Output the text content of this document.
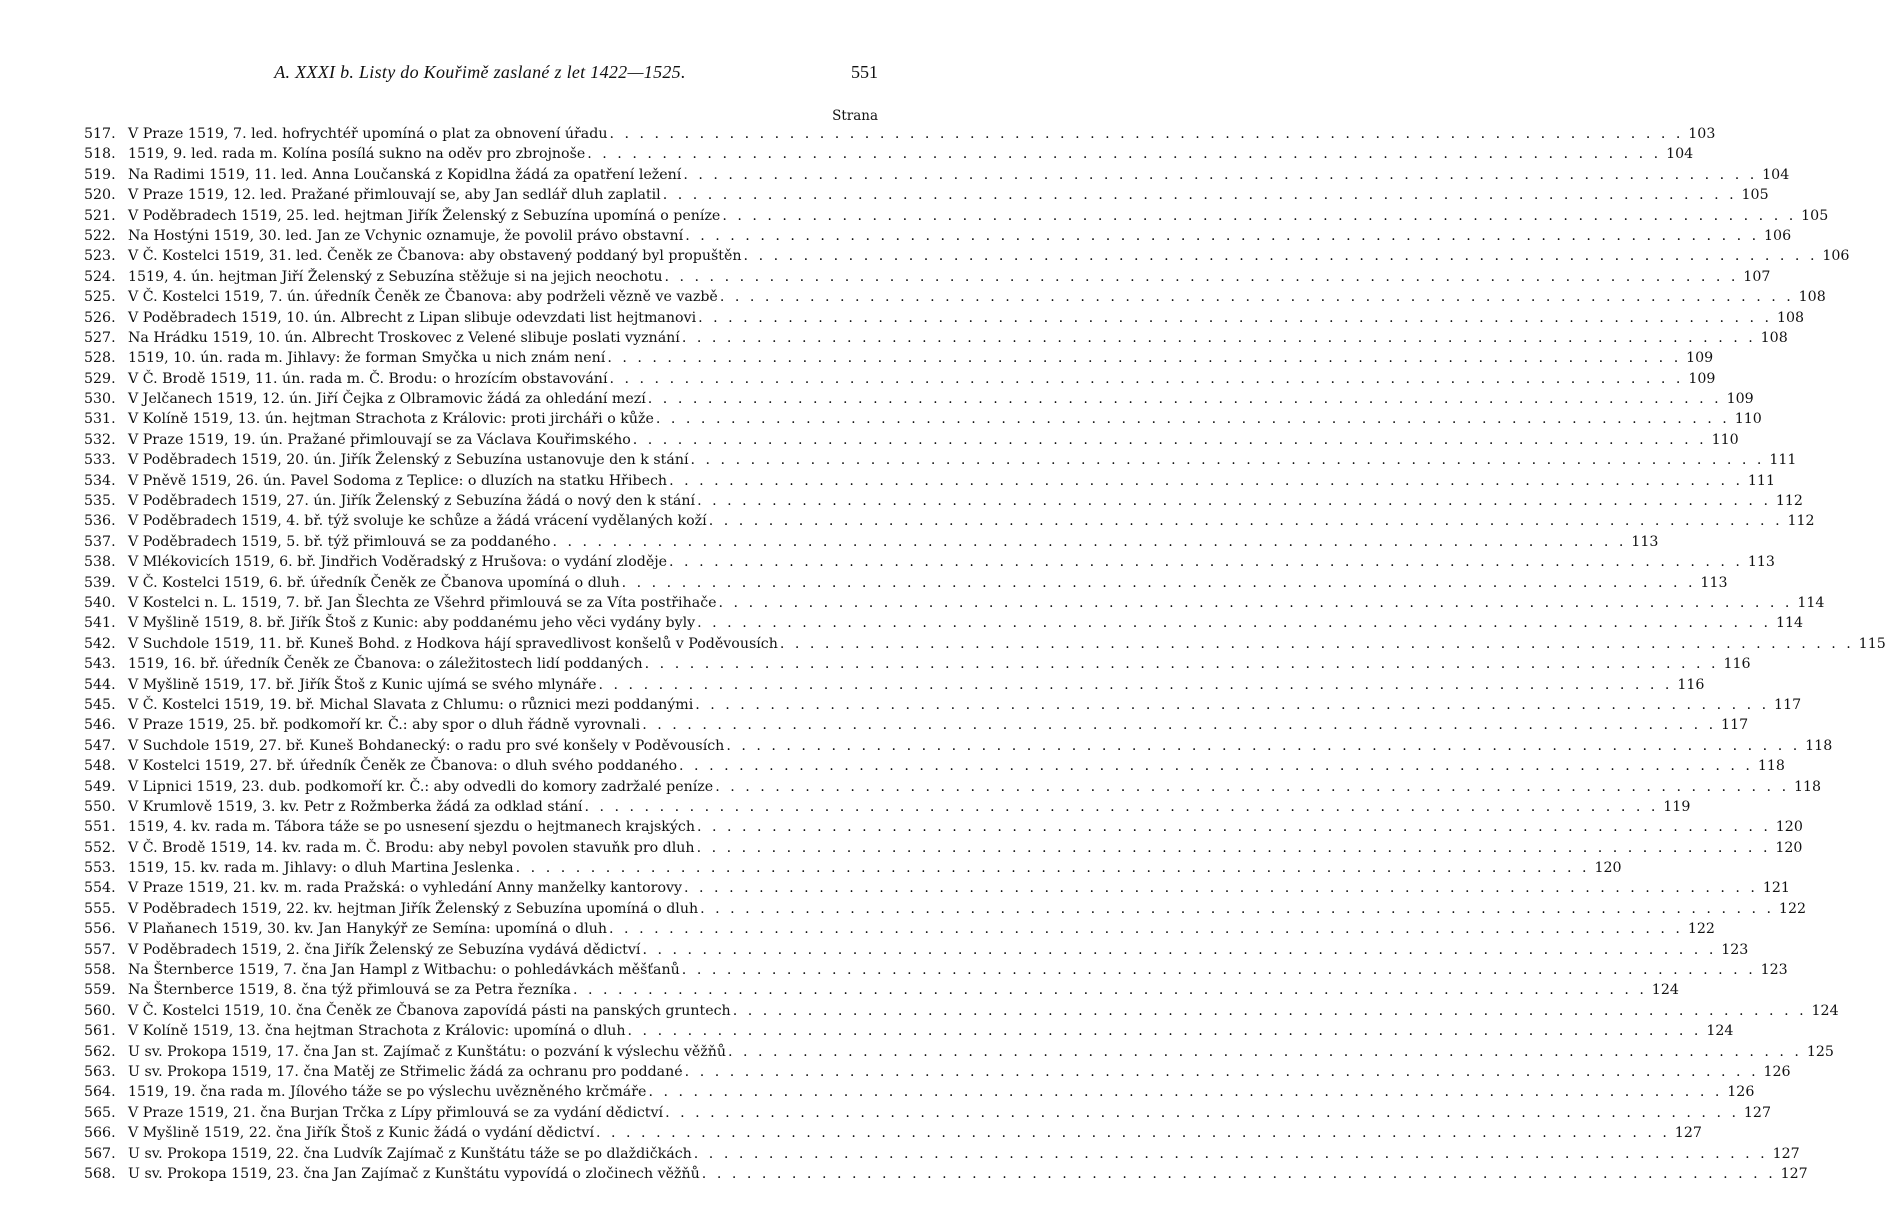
A. XXXI b. Listy do Kouřimě zaslané z let 1422—1525.	551
Strana
517. V Praze 1519, 7. led. hofrychtéř upomíná o plat za obnovení úřadu . . .	103
518. 1519, 9. led. rada m. Kolína posílá sukno na oděv pro zbrojnoše . . .	104
519. Na Radimi 1519, 11. led. Anna Loučanská z Kopidlna žádá za opatření ležení . . .	104
520. V Praze 1519, 12. led. Pražané přimlouvají se, aby Jan sedlář dluh zaplatil . . .	105
521. V Poděbradech 1519, 25. led. hejtman Jiřík Želenský z Sebuzína upomíná o peníze . . .	105
522. Na Hostýni 1519, 30. led. Jan ze Vchynic oznamuje, že povolil právo obstavní . . .	106
523. V Č. Kostelci 1519, 31. led. Čeněk ze Čbanova: aby obstavený poddaný byl propuštěn . . .	106
524. 1519, 4. ún. hejtman Jiří Želenský z Sebuzína stěžuje si na jejich neochotu . . .	107
525. V Č. Kostelci 1519, 7. ún. úředník Čeněk ze Čbanova: aby podrželi vězně ve vazbě . . .	108
526. V Poděbradech 1519, 10. ún. Albrecht z Lipan slibuje odevzdati list hejtmanovi . . .	108
527. Na Hrádku 1519, 10. ún. Albrecht Troskovec z Velené slibuje poslati vyznání . . .	108
528. 1519, 10. ún. rada m. Jihlavy: že forman Smyčka u nich znám není . . .	109
529. V Č. Brodě 1519, 11. ún. rada m. Č. Brodu: o hrozícím obstavování . . .	109
530. V Jelčanech 1519, 12. ún. Jiří Čejka z Olbramovic žádá za ohledání mezí . . .	109
531. V Kolíně 1519, 13. ún. hejtman Strachota z Královic: proti jircháři o kůže . . .	110
532. V Praze 1519, 19. ún. Pražané přimlouvají se za Václava Kouřimského . . .	110
533. V Poděbradech 1519, 20. ún. Jiřík Želenský z Sebuzína ustanovuje den k stání . . .	111
534. V Pněvě 1519, 26. ún. Pavel Sodoma z Teplice: o dluzích na statku Hřibech . . .	111
535. V Poděbradech 1519, 27. ún. Jiřík Želenský z Sebuzína žádá o nový den k stání . . .	112
536. V Poděbradech 1519, 4. bř. týž svoluje ke schůze a žádá vrácení vydělaných koží . . .	112
537. V Poděbradech 1519, 5. bř. týž přimlouvá se za poddaného . . .	113
538. V Mlékovicích 1519, 6. bř. Jindřich Voděradský z Hrušova: o vydání zloděje . . .	113
539. V Č. Kostelci 1519, 6. bř. úředník Čeněk ze Čbanova upomíná o dluh . . .	113
540. V Kostelci n. L. 1519, 7. bř. Jan Šlechta ze Všehrd přimlouvá se za Víta postřihače . . .	114
541. V Myšlině 1519, 8. bř. Jiřík Štoš z Kunic: aby poddanému jeho věci vydány byly . . .	114
542. V Suchdole 1519, 11. bř. Kuneš Bohd. z Hodkova hájí spravedlivost konšelů v Poděvousích . . .	115
543. 1519, 16. bř. úředník Čeněk ze Čbanova: o záležitostech lidí poddaných . . .	116
544. V Myšlině 1519, 17. bř. Jiřík Štoš z Kunic ujímá se svého mlynáře . . .	116
545. V Č. Kostelci 1519, 19. bř. Michal Slavata z Chlumu: o různici mezi poddanými . . .	117
546. V Praze 1519, 25. bř. podkomoří kr. Č.: aby spor o dluh řádně vyrovnali . . .	117
547. V Suchdole 1519, 27. bř. Kuneš Bohdanecký: o radu pro své konšely v Poděvousích . . .	118
548. V Kostelci 1519, 27. bř. úředník Čeněk ze Čbanova: o dluh svého poddaného . . .	118
549. V Lipnici 1519, 23. dub. podkomoří kr. Č.: aby odvedli do komory zadržalé peníze . . .	118
550. V Krumlově 1519, 3. kv. Petr z Rožmberka žádá za odklad stání . . .	119
551. 1519, 4. kv. rada m. Tábora táže se po usnesení sjezdu o hejtmanech krajských . . .	120
552. V Č. Brodě 1519, 14. kv. rada m. Č. Brodu: aby nebyl povolen stavuňk pro dluh . . .	120
553. 1519, 15. kv. rada m. Jihlavy: o dluh Martina Jeslenka . . .	120
554. V Praze 1519, 21. kv. m. rada Pražská: o vyhledání Anny manželky kantorovy . . .	121
555. V Poděbradech 1519, 22. kv. hejtman Jiřík Želenský z Sebuzína upomíná o dluh . . .	122
556. V Plaňanech 1519, 30. kv. Jan Hanykýř ze Semína: upomíná o dluh . . .	122
557. V Poděbradech 1519, 2. čna Jiřík Želenský ze Sebuzína vydává dědictví . . .	123
558. Na Šternberce 1519, 7. čna Jan Hampl z Witbachu: o pohledávkách měšťanů . . .	123
559. Na Šternberce 1519, 8. čna týž přimlouvá se za Petra řezníka . . .	124
560. V Č. Kostelci 1519, 10. čna Čeněk ze Čbanova zapovídá pásti na panských gruntech . . .	124
561. V Kolíně 1519, 13. čna hejtman Strachota z Královic: upomíná o dluh . . .	124
562. U sv. Prokopa 1519, 17. čna Jan st. Zajímač z Kunštátu: o pozvání k výslechu věžňů . . .	125
563. U sv. Prokopa 1519, 17. čna Matěj ze Střimelic žádá za ochranu pro poddané . . .	126
564. 1519, 19. čna rada m. Jílového táže se po výslechu uvězněného krčmáře . . .	126
565. V Praze 1519, 21. čna Burjan Trčka z Lípy přimlouvá se za vydání dědictví . . .	127
566. V Myšlině 1519, 22. čna Jiřík Štoš z Kunic žádá o vydání dědictví . . .	127
567. U sv. Prokopa 1519, 22. čna Ludvík Zajímač z Kunštátu táže se po dlaždičkách . . .	127
568. U sv. Prokopa 1519, 23. čna Jan Zajímač z Kunštátu vypovídá o zločinech věžňů . . .	127
